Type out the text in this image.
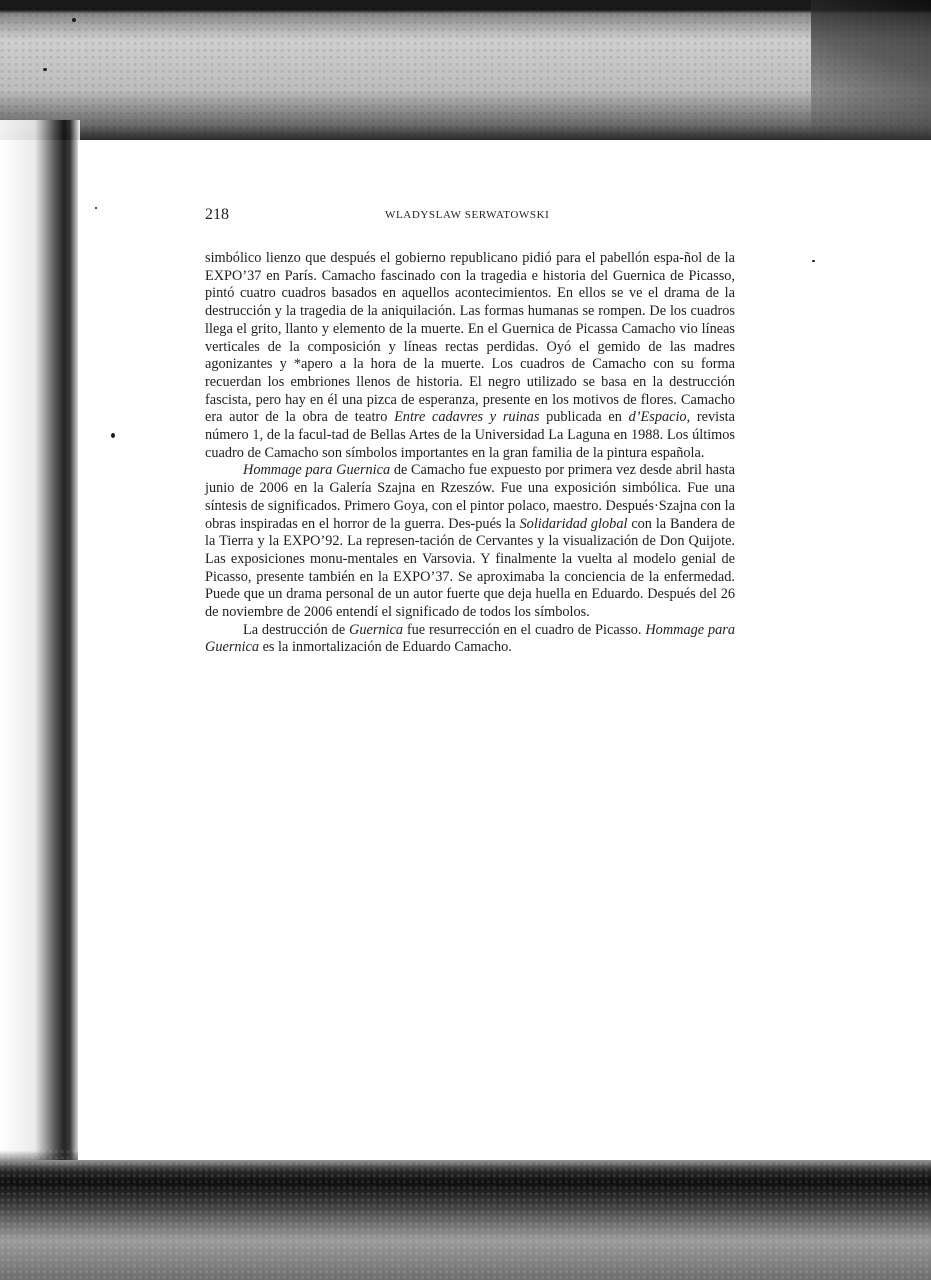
218	WLADYSLAW SERWATOWSKI

simbólico lienzo que después el gobierno republicano pidió para el pabellón espa-ñol de la EXPO’37 en París. Camacho fascinado con la tragedia e historia del Guernica de Picasso, pintó cuatro cuadros basados en aquellos acontecimientos. En ellos se ve el drama de la destrucción y la tragedia de la aniquilación. Las formas humanas se rompen. De los cuadros llega el grito, llanto y elemento de la muerte. En el Guernica de Picassa Camacho vio líneas verticales de la composición y líneas rectas perdidas. Oyó el gemido de las madres agonizantes y *apero a la hora de la muerte. Los cuadros de Camacho con su forma recuerdan los embriones llenos de historia. El negro utilizado se basa en la destrucción fascista, pero hay en él una pizca de esperanza, presente en los motivos de flores. Camacho era autor de la obra de teatro Entre cadavres y ruinas publicada en d’Espacio, revista número 1, de la facul-tad de Bellas Artes de la Universidad La Laguna en 1988. Los últimos cuadro de Camacho son símbolos importantes en la gran familia de la pintura española.

Hommage para Guernica de Camacho fue expuesto por primera vez desde abril hasta junio de 2006 en la Galería Szajna en Rzeszów. Fue una exposición simbólica. Fue una síntesis de significados. Primero Goya, con el pintor polaco, maestro. Después·Szajna con la obras inspiradas en el horror de la guerra. Des-pués la Solidaridad global con la Bandera de la Tierra y la EXPO’92. La represen-tación de Cervantes y la visualización de Don Quijote. Las exposiciones monu-mentales en Varsovia. Y finalmente la vuelta al modelo genial de Picasso, presente también en la EXPO’37. Se aproximaba la conciencia de la enfermedad. Puede que un drama personal de un autor fuerte que deja huella en Eduardo. Después del 26 de noviembre de 2006 entendí el significado de todos los símbolos.

La destrucción de Guernica fue resurrección en el cuadro de Picasso. Hommage para Guernica es la inmortalización de Eduardo Camacho.
